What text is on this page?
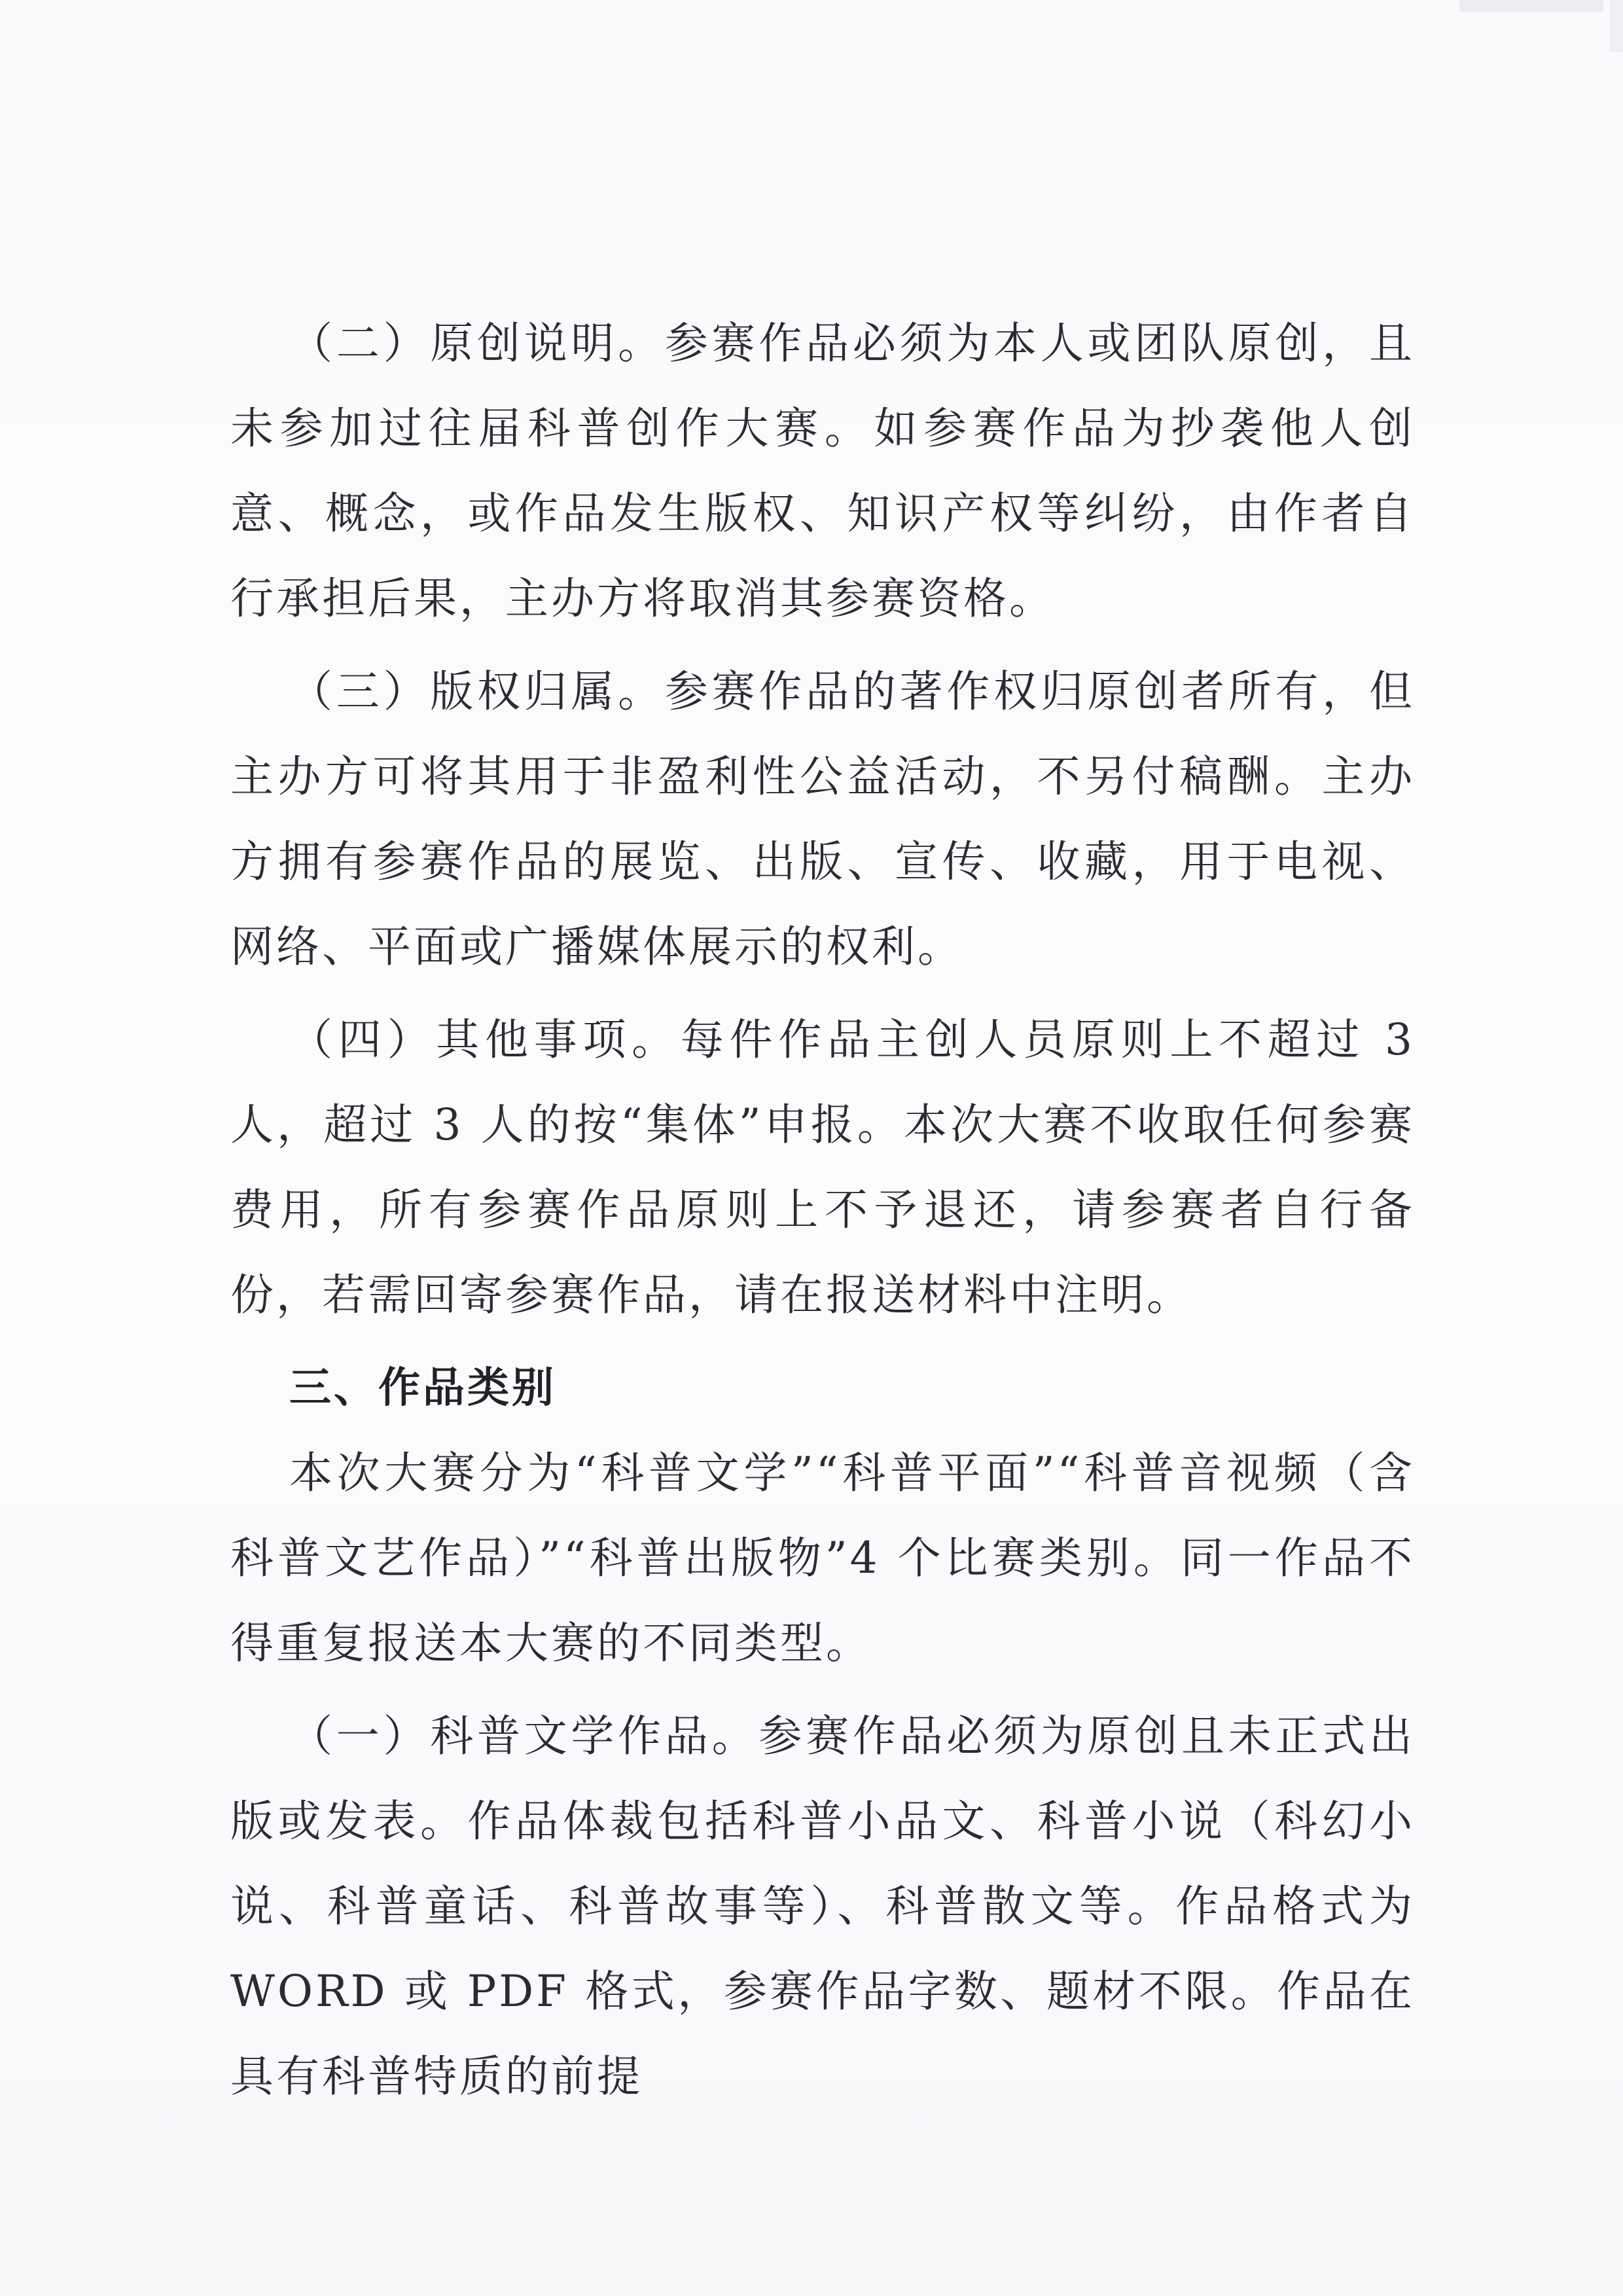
（二）原创说明。参赛作品必须为本人或团队原创，且未参加过往届科普创作大赛。如参赛作品为抄袭他人创意、概念，或作品发生版权、知识产权等纠纷，由作者自行承担后果，主办方将取消其参赛资格。

（三）版权归属。参赛作品的著作权归原创者所有，但主办方可将其用于非盈利性公益活动，不另付稿酬。主办方拥有参赛作品的展览、出版、宣传、收藏，用于电视、网络、平面或广播媒体展示的权利。

（四）其他事项。每件作品主创人员原则上不超过 3 人，超过 3 人的按“集体”申报。本次大赛不收取任何参赛费用，所有参赛作品原则上不予退还，请参赛者自行备份，若需回寄参赛作品，请在报送材料中注明。

三、作品类别

本次大赛分为“科普文学”“科普平面”“科普音视频（含科普文艺作品）”“科普出版物”4 个比赛类别。同一作品不得重复报送本大赛的不同类型。

（一）科普文学作品。参赛作品必须为原创且未正式出版或发表。作品体裁包括科普小品文、科普小说（科幻小说、科普童话、科普故事等）、科普散文等。作品格式为 WORD 或 PDF 格式，参赛作品字数、题材不限。作品在具有科普特质的前提
